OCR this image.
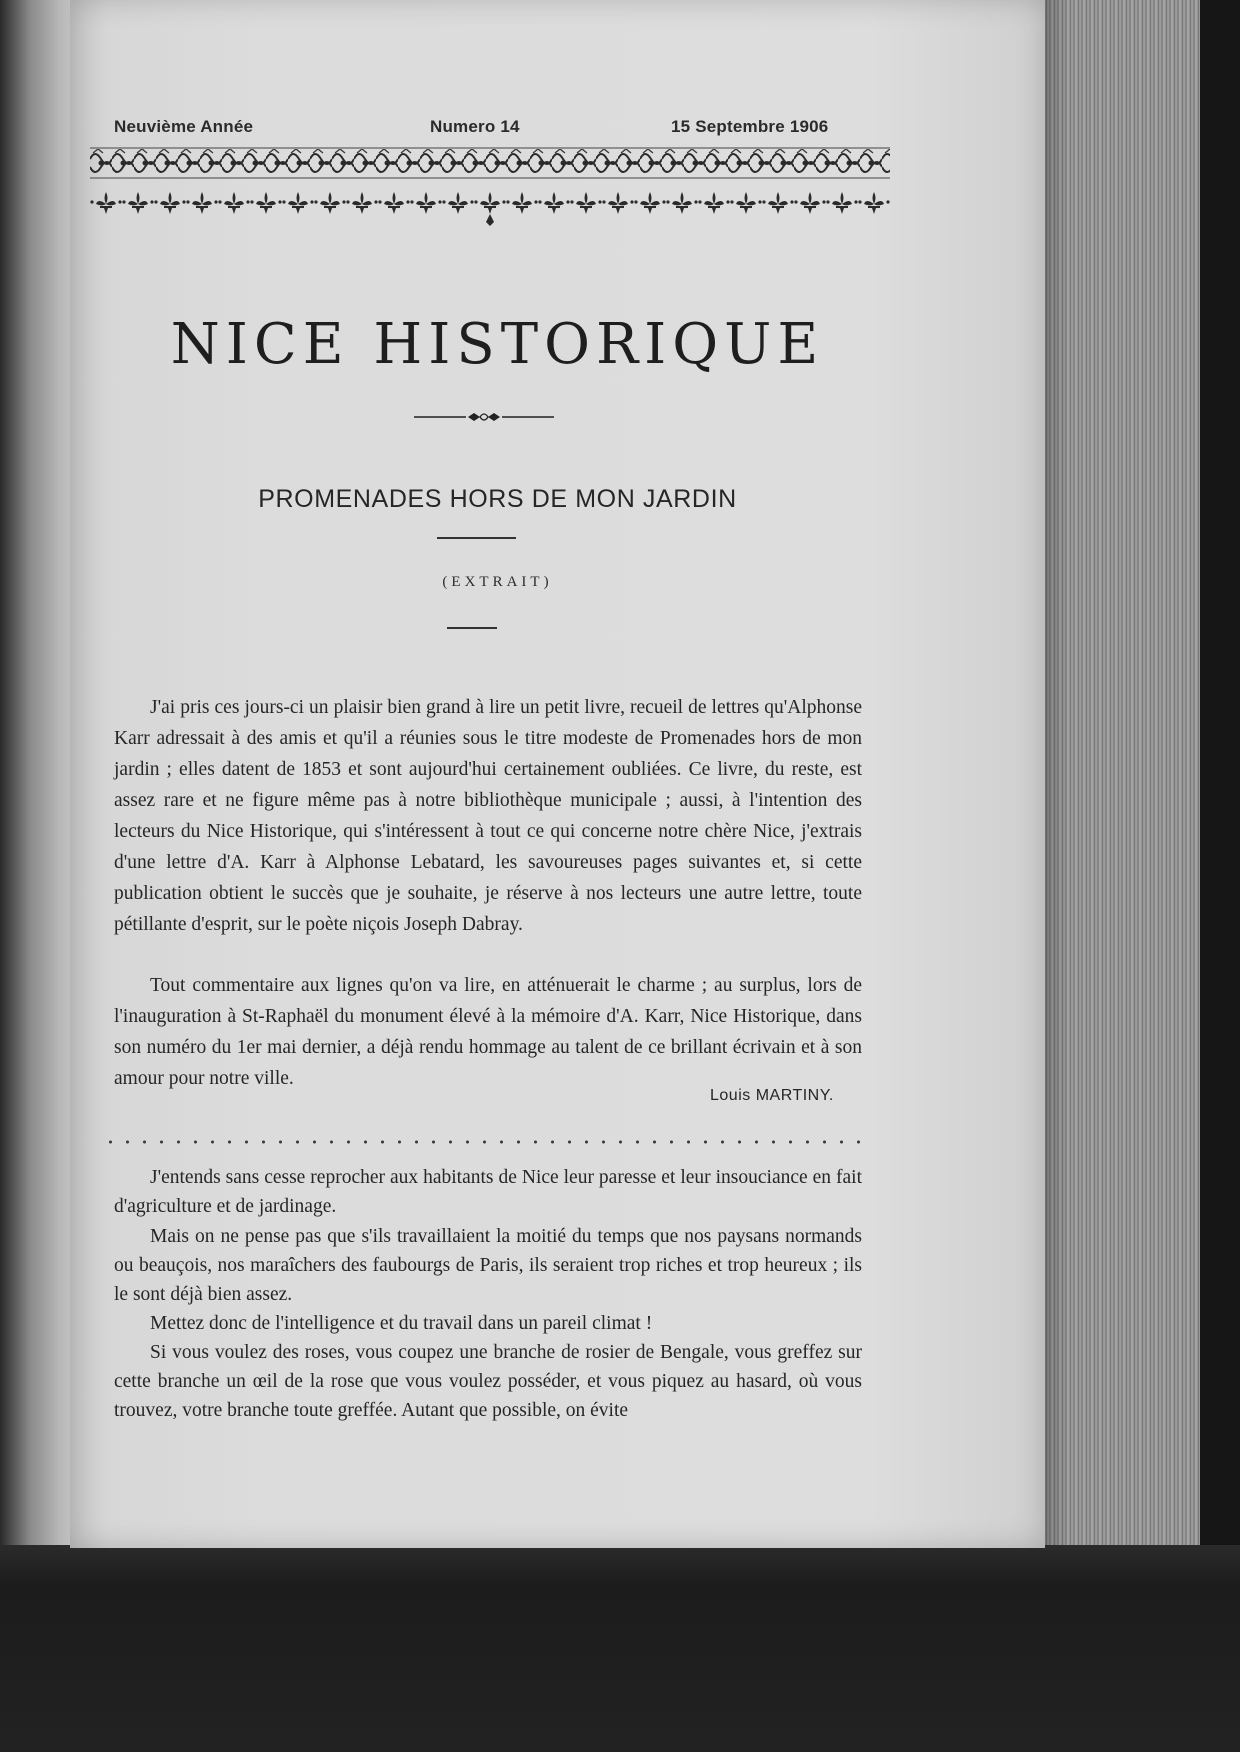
Neuvième Année	Numero 14	15 Septembre 1906
NICE HISTORIQUE
PROMENADES HORS DE MON JARDIN
(EXTRAIT)

J'ai pris ces jours-ci un plaisir bien grand à lire un petit livre, recueil de lettres qu'Alphonse Karr adressait à des amis et qu'il a réunies sous le titre modeste de Promenades hors de mon jardin ; elles datent de 1853 et sont aujourd'hui certainement oubliées. Ce livre, du reste, est assez rare et ne figure même pas à notre bibliothèque municipale ; aussi, à l'intention des lecteurs du Nice Historique, qui s'intéressent à tout ce qui concerne notre chère Nice, j'extrais d'une lettre d'A. Karr à Alphonse Lebatard, les savoureuses pages suivantes et, si cette publication obtient le succès que je souhaite, je réserve à nos lecteurs une autre lettre, toute pétillante d'esprit, sur le poète niçois Joseph Dabray.

Tout commentaire aux lignes qu'on va lire, en atténuerait le charme ; au surplus, lors de l'inauguration à St-Raphaël du monument élevé à la mémoire d'A. Karr, Nice Historique, dans son numéro du 1er mai dernier, a déjà rendu hommage au talent de ce brillant écrivain et à son amour pour notre ville.

Louis MARTINY.

J'entends sans cesse reprocher aux habitants de Nice leur paresse et leur insouciance en fait d'agriculture et de jardinage.

Mais on ne pense pas que s'ils travaillaient la moitié du temps que nos paysans normands ou beauçois, nos maraîchers des faubourgs de Paris, ils seraient trop riches et trop heureux ; ils le sont déjà bien assez.

Mettez donc de l'intelligence et du travail dans un pareil climat !

Si vous voulez des roses, vous coupez une branche de rosier de Bengale, vous greffez sur cette branche un œil de la rose que vous voulez posséder, et vous piquez au hasard, où vous trouvez, votre branche toute greffée. Autant que possible, on évite
